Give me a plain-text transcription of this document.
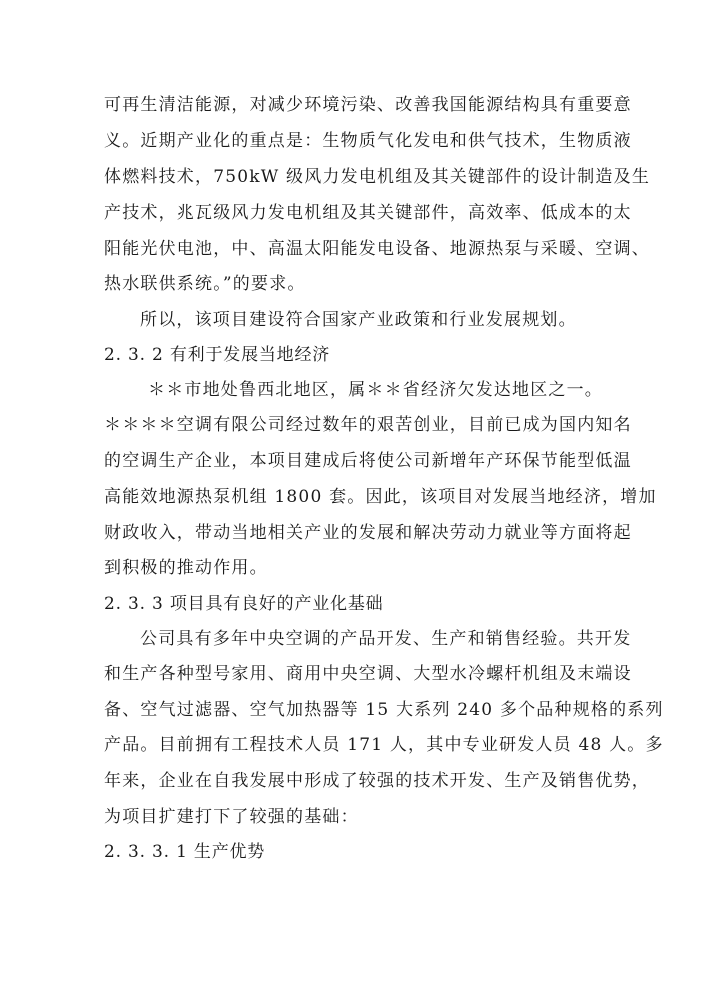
可再生清洁能源，对减少环境污染、改善我国能源结构具有重要意
义。近期产业化的重点是：生物质气化发电和供气技术，生物质液
体燃料技术，750kW 级风力发电机组及其关键部件的设计制造及生
产技术，兆瓦级风力发电机组及其关键部件，高效率、低成本的太
阳能光伏电池，中、高温太阳能发电设备、地源热泵与采暖、空调、
热水联供系统。”的要求。
所以，该项目建设符合国家产业政策和行业发展规划。
2. 3. 2 有利于发展当地经济
＊＊市地处鲁西北地区，属＊＊省经济欠发达地区之一。
＊＊＊＊空调有限公司经过数年的艰苦创业，目前已成为国内知名
的空调生产企业，本项目建成后将使公司新增年产环保节能型低温
高能效地源热泵机组 1800 套。因此，该项目对发展当地经济，增加
财政收入，带动当地相关产业的发展和解决劳动力就业等方面将起
到积极的推动作用。
2. 3. 3 项目具有良好的产业化基础
公司具有多年中央空调的产品开发、生产和销售经验。共开发
和生产各种型号家用、商用中央空调、大型水冷螺杆机组及末端设
备、空气过滤器、空气加热器等 15 大系列 240 多个品种规格的系列
产品。目前拥有工程技术人员 171 人，其中专业研发人员 48 人。多
年来，企业在自我发展中形成了较强的技术开发、生产及销售优势，
为项目扩建打下了较强的基础：
2. 3. 3. 1 生产优势
